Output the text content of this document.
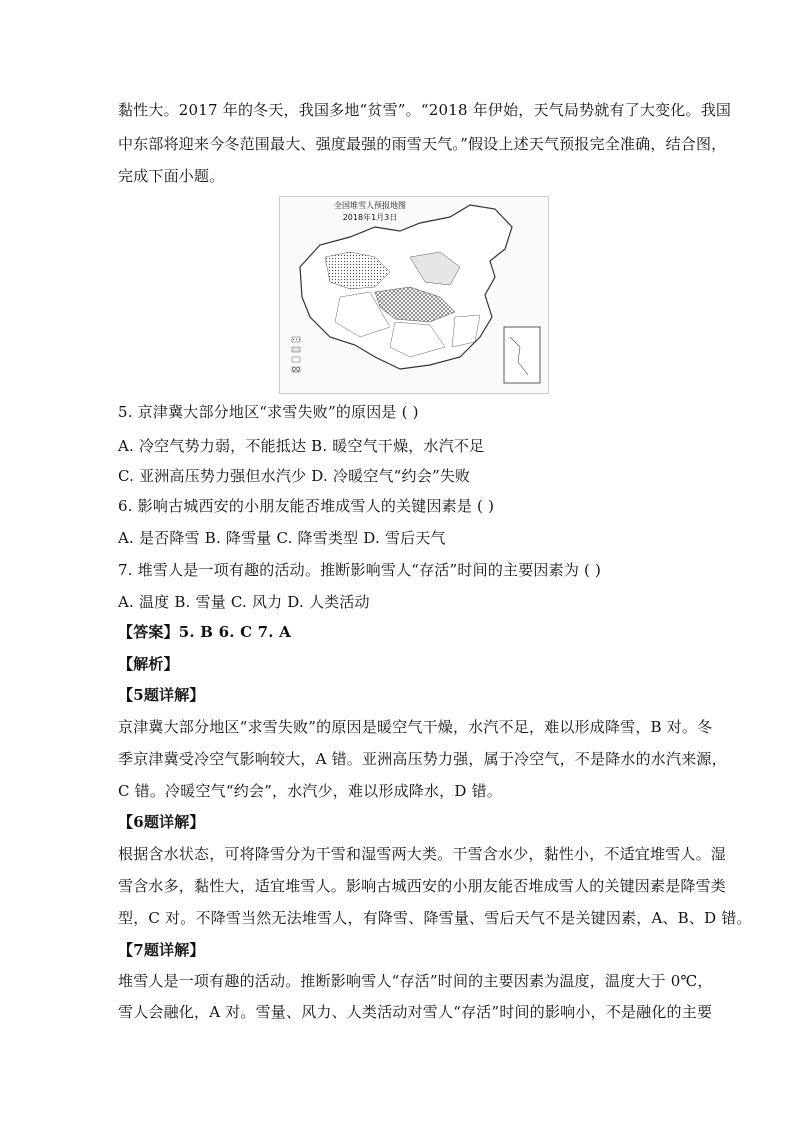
黏性大。2017 年的冬天，我国多地“贫雪”。“2018 年伊始，天气局势就有了大变化。我国
中东部将迎来今冬范围最大、强度最强的雨雪天气。”假设上述天气预报完全准确，结合图，
完成下面小题。
全国堆雪人预报地图
2018年1月3日
5. 京津冀大部分地区“求雪失败”的原因是 ( )
A. 冷空气势力弱，不能抵达 B. 暖空气干燥，水汽不足
C. 亚洲高压势力强但水汽少 D. 冷暖空气“约会”失败
6. 影响古城西安的小朋友能否堆成雪人的关键因素是 ( )
A. 是否降雪 B. 降雪量 C. 降雪类型 D. 雪后天气
7. 堆雪人是一项有趣的活动。推断影响雪人“存活”时间的主要因素为 ( )
A. 温度 B. 雪量 C. 风力 D. 人类活动
【答案】5. B 6. C 7. A
【解析】
【5题详解】
京津冀大部分地区“求雪失败”的原因是暖空气干燥，水汽不足，难以形成降雪，B 对。冬
季京津冀受冷空气影响较大，A 错。亚洲高压势力强，属于冷空气，不是降水的水汽来源，
C 错。冷暖空气“约会”，水汽少，难以形成降水，D 错。
【6题详解】
根据含水状态，可将降雪分为干雪和湿雪两大类。干雪含水少，黏性小，不适宜堆雪人。湿
雪含水多，黏性大，适宜堆雪人。影响古城西安的小朋友能否堆成雪人的关键因素是降雪类
型，C 对。不降雪当然无法堆雪人，有降雪、降雪量、雪后天气不是关键因素，A、B、D 错。
【7题详解】
堆雪人是一项有趣的活动。推断影响雪人“存活”时间的主要因素为温度，温度大于 0℃，
雪人会融化，A 对。雪量、风力、人类活动对雪人“存活”时间的影响小，不是融化的主要
